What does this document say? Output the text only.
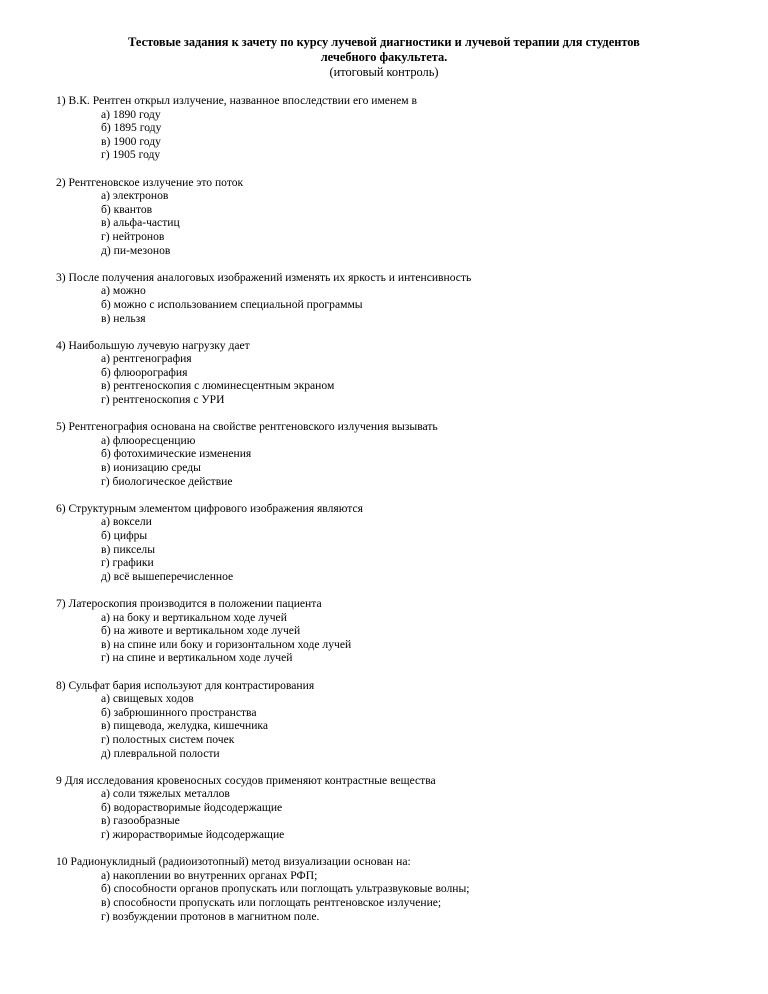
Тестовые задания к зачету по курсу лучевой диагностики и лучевой терапии для студентов
лечебного факультета.
(итоговый контроль)
1) В.К. Рентген открыл излучение, названное впоследствии его именем в
а) 1890 году
б) 1895 году
в) 1900 году
г) 1905 году
2) Рентгеновское излучение это поток
а) электронов
б) квантов
в) альфа-частиц
г) нейтронов
д) пи-мезонов
3) После получения аналоговых изображений изменять их яркость и интенсивность
а) можно
б) можно с использованием специальной программы
в) нельзя
4) Наибольшую лучевую нагрузку дает
а) рентгенография
б) флюорография
в) рентгеноскопия с люминесцентным экраном
г) рентгеноскопия с УРИ
5) Рентгенография основана на свойстве рентгеновского излучения вызывать
а) флюоресценцию
б) фотохимические изменения
в) ионизацию среды
г) биологическое действие
6) Структурным элементом цифрового изображения являются
а) воксели
б) цифры
в) пикселы
г) графики
д) всё вышеперечисленное
7) Латероскопия производится в положении пациента
а) на боку и вертикальном ходе лучей
б) на животе и вертикальном ходе лучей
в) на спине или боку и горизонтальном ходе лучей
г) на спине и вертикальном ходе лучей
8) Сульфат бария используют для контрастирования
а) свищевых ходов
б) забрюшинного пространства
в) пищевода, желудка, кишечника
г) полостных систем почек
д) плевральной полости
9 Для исследования кровеносных сосудов применяют контрастные вещества
а) соли тяжелых металлов
б) водорастворимые йодсодержащие
в) газообразные
г) жирорастворимые йодсодержащие
10 Радионуклидный (радиоизотопный) метод визуализации основан на:
а) накоплении во внутренних органах РФП;
б) способности органов пропускать или поглощать ультразвуковые волны;
в) способности пропускать или поглощать рентгеновское излучение;
г) возбуждении протонов в магнитном поле.
